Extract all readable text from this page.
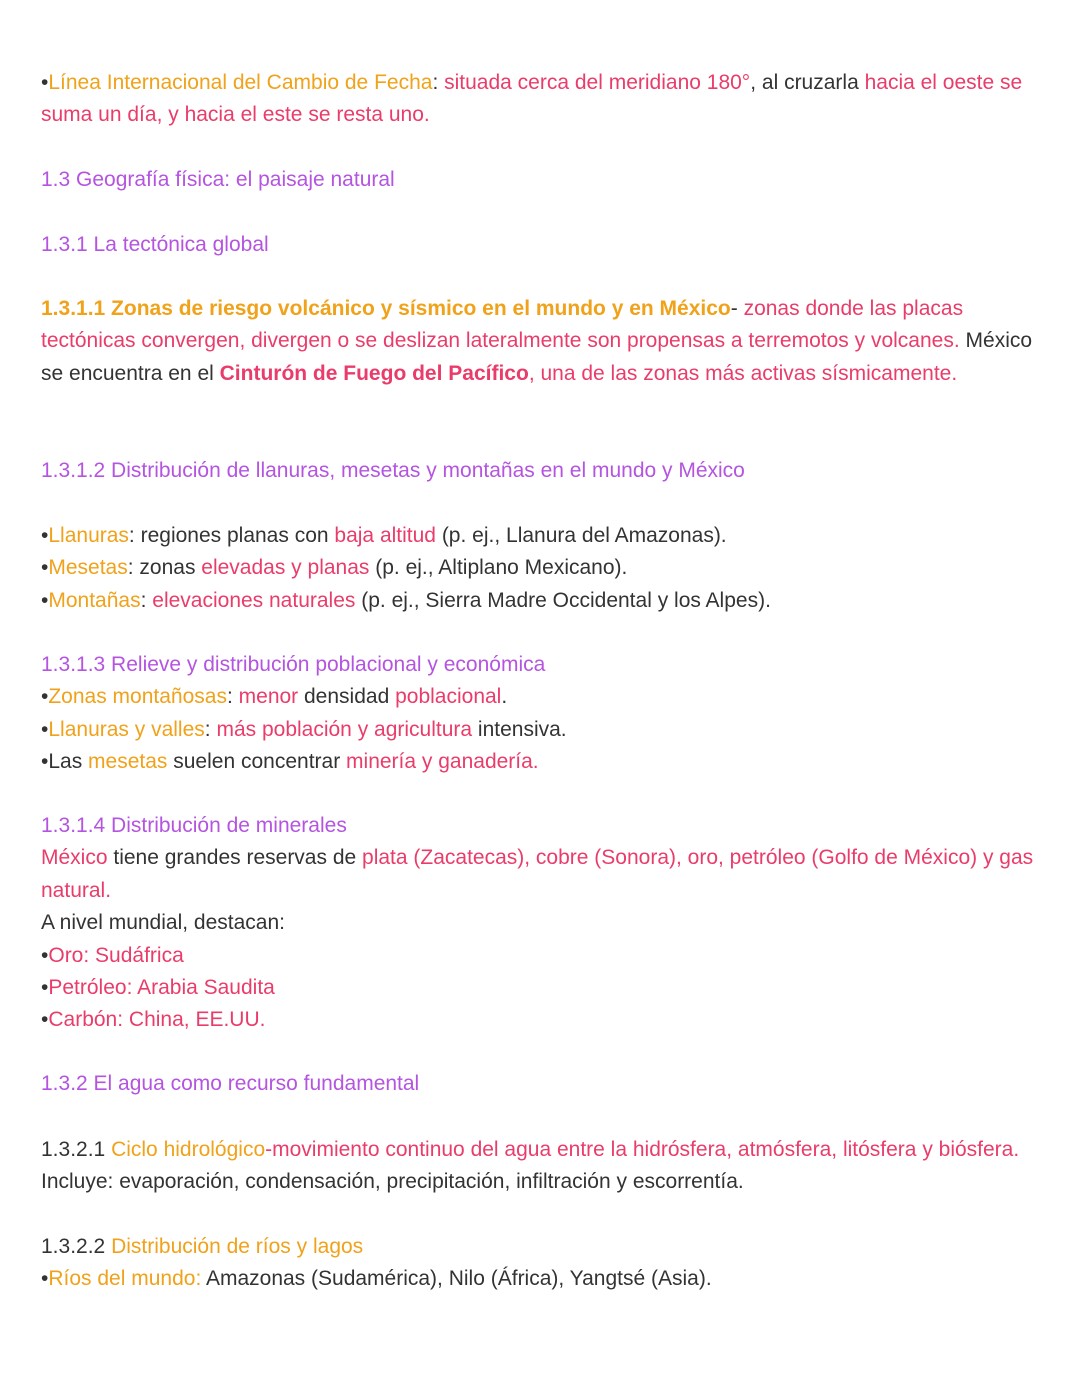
•Línea Internacional del Cambio de Fecha: situada cerca del meridiano 180°, al cruzarla hacia el oeste se suma un día, y hacia el este se resta uno.

1.3 Geografía física: el paisaje natural

1.3.1 La tectónica global

1.3.1.1 Zonas de riesgo volcánico y sísmico en el mundo y en México- zonas donde las placas tectónicas convergen, divergen o se deslizan lateralmente son propensas a terremotos y volcanes. México se encuentra en el Cinturón de Fuego del Pacífico, una de las zonas más activas sísmicamente.

1.3.1.2 Distribución de llanuras, mesetas y montañas en el mundo y México

•Llanuras: regiones planas con baja altitud (p. ej., Llanura del Amazonas).
•Mesetas: zonas elevadas y planas (p. ej., Altiplano Mexicano).
•Montañas: elevaciones naturales (p. ej., Sierra Madre Occidental y los Alpes).
1.3.1.3 Relieve y distribución poblacional y económica
•Zonas montañosas: menor densidad poblacional.
•Llanuras y valles: más población y agricultura intensiva.
•Las mesetas suelen concentrar minería y ganadería.
1.3.1.4 Distribución de minerales
México tiene grandes reservas de plata (Zacatecas), cobre (Sonora), oro, petróleo (Golfo de México) y gas natural.
A nivel mundial, destacan:
•Oro: Sudáfrica
•Petróleo: Arabia Saudita
•Carbón: China, EE.UU.

1.3.2 El agua como recurso fundamental

1.3.2.1 Ciclo hidrológico-movimiento continuo del agua entre la hidrósfera, atmósfera, litósfera y biósfera. Incluye: evaporación, condensación, precipitación, infiltración y escorrentía.

1.3.2.2 Distribución de ríos y lagos
•Ríos del mundo: Amazonas (Sudamérica), Nilo (África), Yangtsé (Asia).
